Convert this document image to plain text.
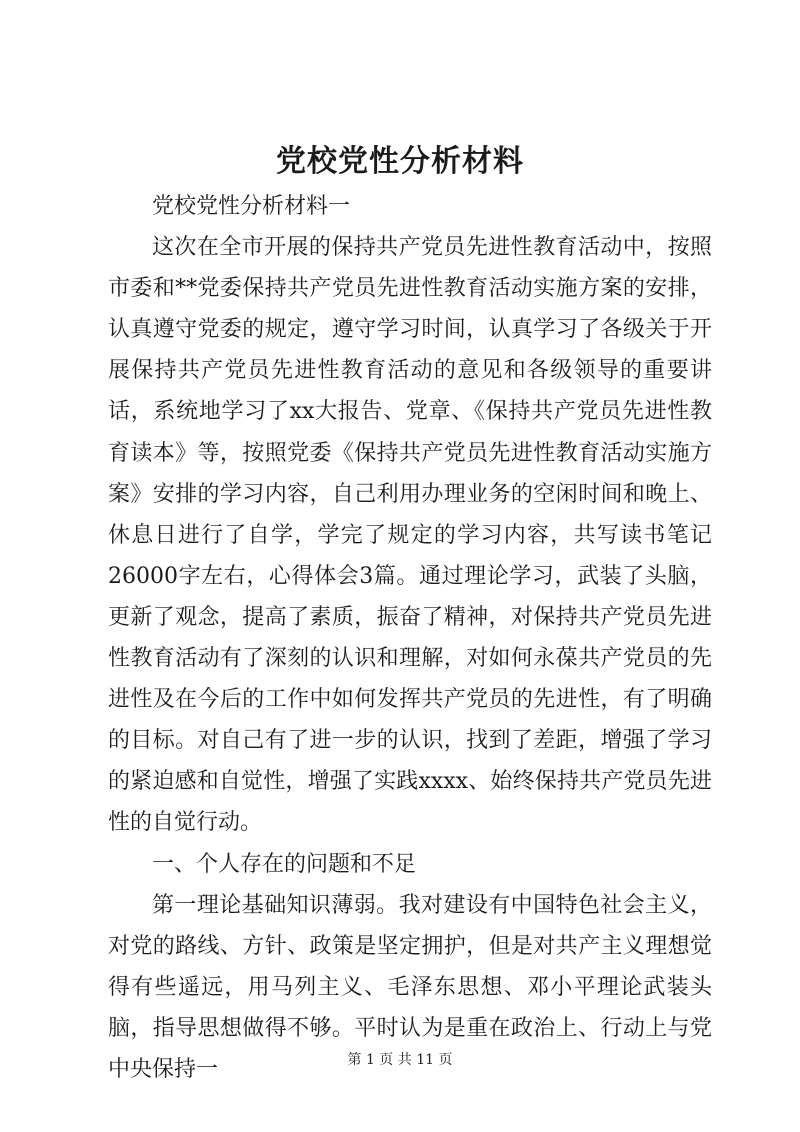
党校党性分析材料

党校党性分析材料一

这次在全市开展的保持共产党员先进性教育活动中，按照市委和**党委保持共产党员先进性教育活动实施方案的安排，认真遵守党委的规定，遵守学习时间，认真学习了各级关于开展保持共产党员先进性教育活动的意见和各级领导的重要讲话，系统地学习了xx大报告、党章、《保持共产党员先进性教育读本》等，按照党委《保持共产党员先进性教育活动实施方案》安排的学习内容，自己利用办理业务的空闲时间和晚上、休息日进行了自学，学完了规定的学习内容，共写读书笔记26000字左右，心得体会3篇。通过理论学习，武装了头脑，更新了观念，提高了素质，振奋了精神，对保持共产党员先进性教育活动有了深刻的认识和理解，对如何永葆共产党员的先进性及在今后的工作中如何发挥共产党员的先进性，有了明确的目标。对自己有了进一步的认识，找到了差距，增强了学习的紧迫感和自觉性，增强了实践xxxx、始终保持共产党员先进性的自觉行动。

一、个人存在的问题和不足

第一理论基础知识薄弱。我对建设有中国特色社会主义，对党的路线、方针、政策是坚定拥护，但是对共产主义理想觉得有些遥远，用马列主义、毛泽东思想、邓小平理论武装头脑，指导思想做得不够。平时认为是重在政治上、行动上与党中央保持一	第 1 页 共 11 页
